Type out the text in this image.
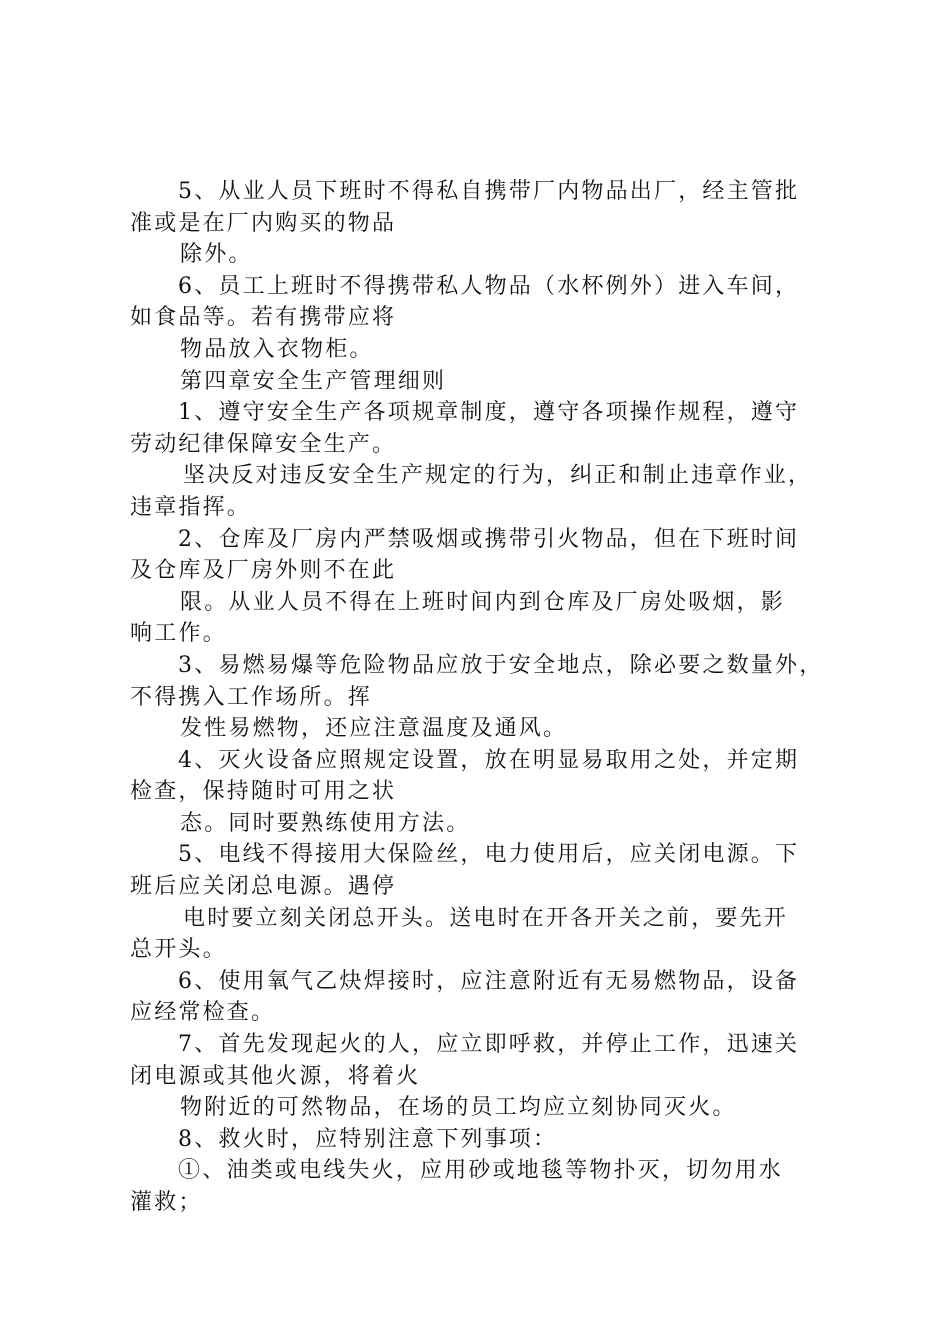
5、从业人员下班时不得私自携带厂内物品出厂，经主管批
准或是在厂内购买的物品
除外。
6、员工上班时不得携带私人物品（水杯例外）进入车间，
如食品等。若有携带应将
物品放入衣物柜。
第四章安全生产管理细则
1、遵守安全生产各项规章制度，遵守各项操作规程，遵守
劳动纪律保障安全生产。
坚决反对违反安全生产规定的行为，纠正和制止违章作业，
违章指挥。
2、仓库及厂房内严禁吸烟或携带引火物品，但在下班时间
及仓库及厂房外则不在此
限。从业人员不得在上班时间内到仓库及厂房处吸烟，影
响工作。
3、易燃易爆等危险物品应放于安全地点，除必要之数量外，
不得携入工作场所。挥
发性易燃物，还应注意温度及通风。
4、灭火设备应照规定设置，放在明显易取用之处，并定期
检查，保持随时可用之状
态。同时要熟练使用方法。
5、电线不得接用大保险丝，电力使用后，应关闭电源。下
班后应关闭总电源。遇停
电时要立刻关闭总开头。送电时在开各开关之前，要先开
总开头。
6、使用氧气乙炔焊接时，应注意附近有无易燃物品，设备
应经常检查。
7、首先发现起火的人，应立即呼救，并停止工作，迅速关
闭电源或其他火源，将着火
物附近的可然物品，在场的员工均应立刻协同灭火。
8、救火时，应特别注意下列事项：
①、油类或电线失火，应用砂或地毯等物扑灭，切勿用水
灌救；
